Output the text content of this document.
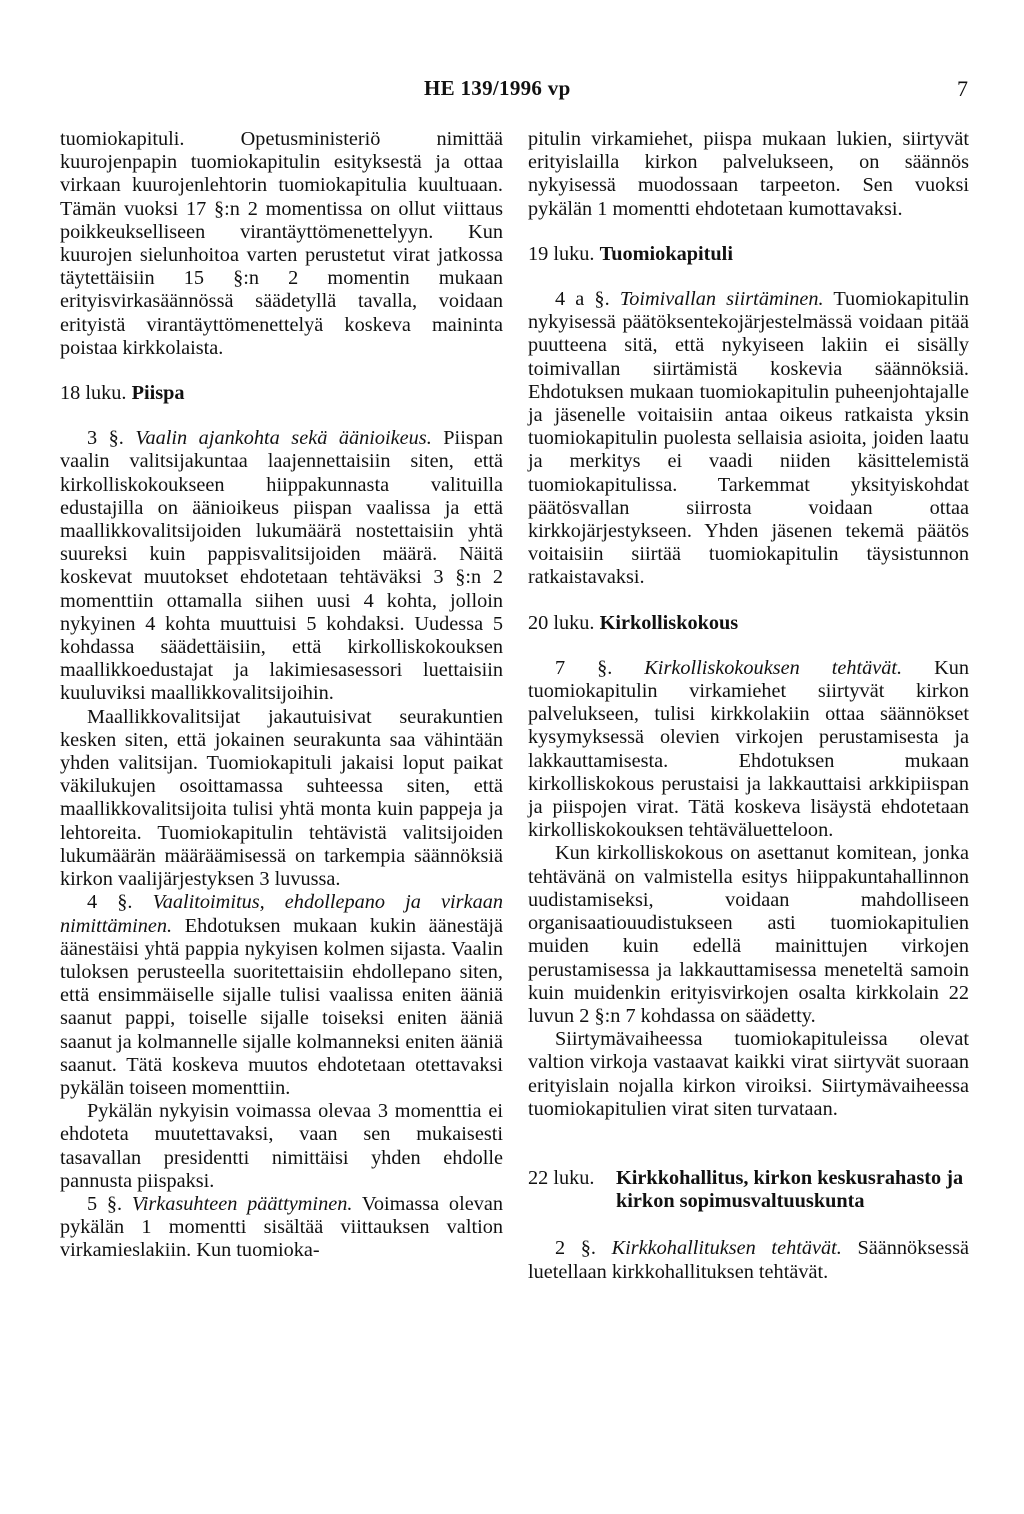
HE 139/1996 vp	7

tuomiokapituli. Opetusministeriö nimittää kuurojenpapin tuomiokapitulin esityksestä ja ottaa virkaan kuurojenlehtorin tuomiokapitulia kuultuaan. Tämän vuoksi 17 §:n 2 momentissa on ollut viittaus poikkeukselliseen virantäyttömenettelyyn. Kun kuurojen sielunhoitoa varten perustetut virat jatkossa täytettäisiin 15 §:n 2 momentin mukaan erityisvirkasäännössä säädetyllä tavalla, voidaan erityistä virantäyttömenettelyä koskeva maininta poistaa kirkkolaista.

18 luku. Piispa

3 §. Vaalin ajankohta sekä äänioikeus. Piispan vaalin valitsijakuntaa laajennettaisiin siten, että kirkolliskokoukseen hiippakunnasta valituilla edustajilla on äänioikeus piispan vaalissa ja että maallikkovalitsijoiden lukumäärä nostettaisiin yhtä suureksi kuin pappisvalitsijoiden määrä. Näitä koskevat muutokset ehdotetaan tehtäväksi 3 §:n 2 momenttiin ottamalla siihen uusi 4 kohta, jolloin nykyinen 4 kohta muuttuisi 5 kohdaksi. Uudessa 5 kohdassa säädettäisiin, että kirkolliskokouksen maallikkoedustajat ja lakimiesasessori luettaisiin kuuluviksi maallikkovalitsijoihin.

Maallikkovalitsijat jakautuisivat seurakuntien kesken siten, että jokainen seurakunta saa vähintään yhden valitsijan. Tuomiokapituli jakaisi loput paikat väkilukujen osoittamassa suhteessa siten, että maallikkovalitsijoita tulisi yhtä monta kuin pappeja ja lehtoreita. Tuomiokapitulin tehtävistä valitsijoiden lukumäärän määräämisessä on tarkempia säännöksiä kirkon vaalijärjestyksen 3 luvussa.

4 §. Vaalitoimitus, ehdollepano ja virkaan nimittäminen. Ehdotuksen mukaan kukin äänestäjä äänestäisi yhtä pappia nykyisen kolmen sijasta. Vaalin tuloksen perusteella suoritettaisiin ehdollepano siten, että ensimmäiselle sijalle tulisi vaalissa eniten ääniä saanut pappi, toiselle sijalle toiseksi eniten ääniä saanut ja kolmannelle sijalle kolmanneksi eniten ääniä saanut. Tätä koskeva muutos ehdotetaan otettavaksi pykälän toiseen momenttiin.

Pykälän nykyisin voimassa olevaa 3 momenttia ei ehdoteta muutettavaksi, vaan sen mukaisesti tasavallan presidentti nimittäisi yhden ehdolle pannusta piispaksi.

5 §. Virkasuhteen päättyminen. Voimassa olevan pykälän 1 momentti sisältää viittauksen valtion virkamieslakiin. Kun tuomioka-

pitulin virkamiehet, piispa mukaan lukien, siirtyvät erityislailla kirkon palvelukseen, on säännös nykyisessä muodossaan tarpeeton. Sen vuoksi pykälän 1 momentti ehdotetaan kumottavaksi.

19 luku. Tuomiokapituli

4 a §. Toimivallan siirtäminen. Tuomiokapitulin nykyisessä päätöksentekojärjestelmässä voidaan pitää puutteena sitä, että nykyiseen lakiin ei sisälly toimivallan siirtämistä koskevia säännöksiä. Ehdotuksen mukaan tuomiokapitulin puheenjohtajalle ja jäsenelle voitaisiin antaa oikeus ratkaista yksin tuomiokapitulin puolesta sellaisia asioita, joiden laatu ja merkitys ei vaadi niiden käsittelemistä tuomiokapitulissa. Tarkemmat yksityiskohdat päätösvallan siirrosta voidaan ottaa kirkkojärjestykseen. Yhden jäsenen tekemä päätös voitaisiin siirtää tuomiokapitulin täysistunnon ratkaistavaksi.

20 luku. Kirkolliskokous

7 §. Kirkolliskokouksen tehtävät. Kun tuomiokapitulin virkamiehet siirtyvät kirkon palvelukseen, tulisi kirkkolakiin ottaa säännökset kysymyksessä olevien virkojen perustamisesta ja lakkauttamisesta. Ehdotuksen mukaan kirkolliskokous perustaisi ja lakkauttaisi arkkipiispan ja piispojen virat. Tätä koskeva lisäystä ehdotetaan kirkolliskokouksen tehtäväluetteloon.

Kun kirkolliskokous on asettanut komitean, jonka tehtävänä on valmistella esitys hiippakuntahallinnon uudistamiseksi, voidaan mahdolliseen organisaatiouudistukseen asti tuomiokapitulien muiden kuin edellä mainittujen virkojen perustamisessa ja lakkauttamisessa meneteltä samoin kuin muidenkin erityisvirkojen osalta kirkkolain 22 luvun 2 §:n 7 kohdassa on säädetty.

Siirtymävaiheessa tuomiokapituleissa olevat valtion virkoja vastaavat kaikki virat siirtyvät suoraan erityislain nojalla kirkon viroiksi. Siirtymävaiheessa tuomiokapitulien virat siten turvataan.

22 luku.	Kirkkohallitus, kirkon keskusrahasto ja kirkon sopimusvaltuuskunta

2 §. Kirkkohallituksen tehtävät. Säännöksessä luetellaan kirkkohallituksen tehtävät.
